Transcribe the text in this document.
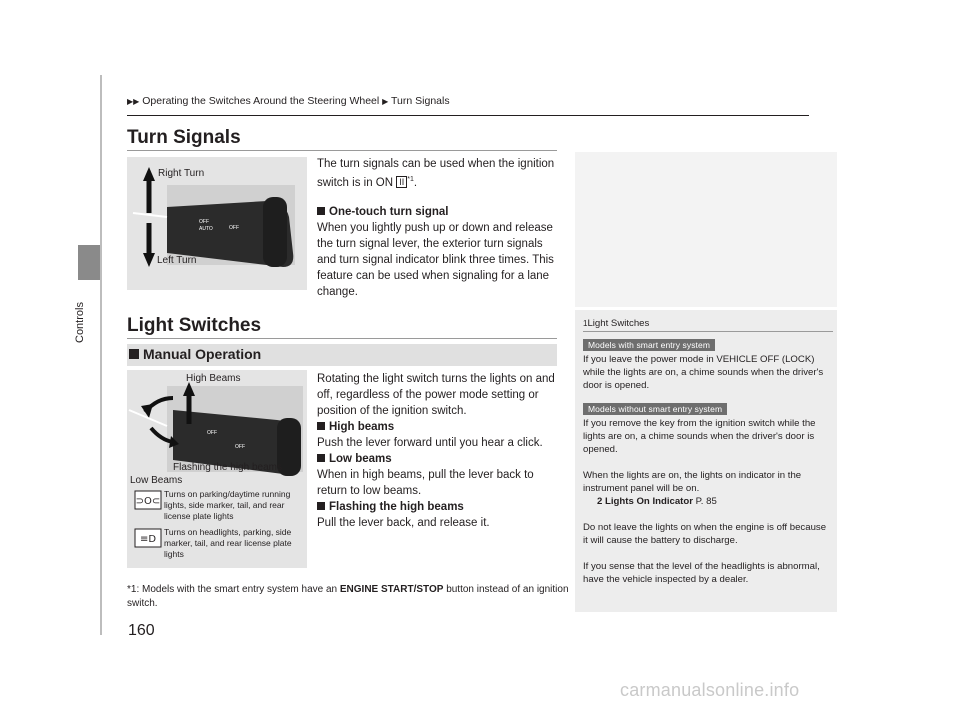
Controls
▶▶ Operating the Switches Around the Steering Wheel ▶ Turn Signals
Turn Signals
OFF
AUTO	OFF
Right Turn
Left Turn
The turn signals can be used when the ignition switch is in ON II $^{*1}$.
One-touch turn signal
When you lightly push up or down and release the turn signal lever, the exterior turn signals and turn signal indicator blink three times. This feature can be used when signaling for a lane change.
Light Switches
Manual Operation
OFF
OFF
High Beams
Flashing the high beams
Low Beams
⊃O⊂
Turns on parking/daytime running lights, side marker, tail, and rear license plate lights
≡D
Turns on headlights, parking, side marker, tail, and rear license plate lights
Rotating the light switch turns the lights on and off, regardless of the power mode setting or position of the ignition switch.
High beams
Push the lever forward until you hear a click.
Low beams
When in high beams, pull the lever back to return to low beams.
Flashing the high beams
Pull the lever back, and release it.
*1: Models with the smart entry system have an ENGINE START/STOP button instead of an ignition switch.
1Light Switches
Models with smart entry system
If you leave the power mode in VEHICLE OFF (LOCK) while the lights are on, a chime sounds when the driver's door is opened.
Models without smart entry system
If you remove the key from the ignition switch while the lights are on, a chime sounds when the driver's door is opened.
When the lights are on, the lights on indicator in the instrument panel will be on.
2 Lights On Indicator P. 85
Do not leave the lights on when the engine is off because it will cause the battery to discharge.
If you sense that the level of the headlights is abnormal, have the vehicle inspected by a dealer.
160
carmanualsonline.info
